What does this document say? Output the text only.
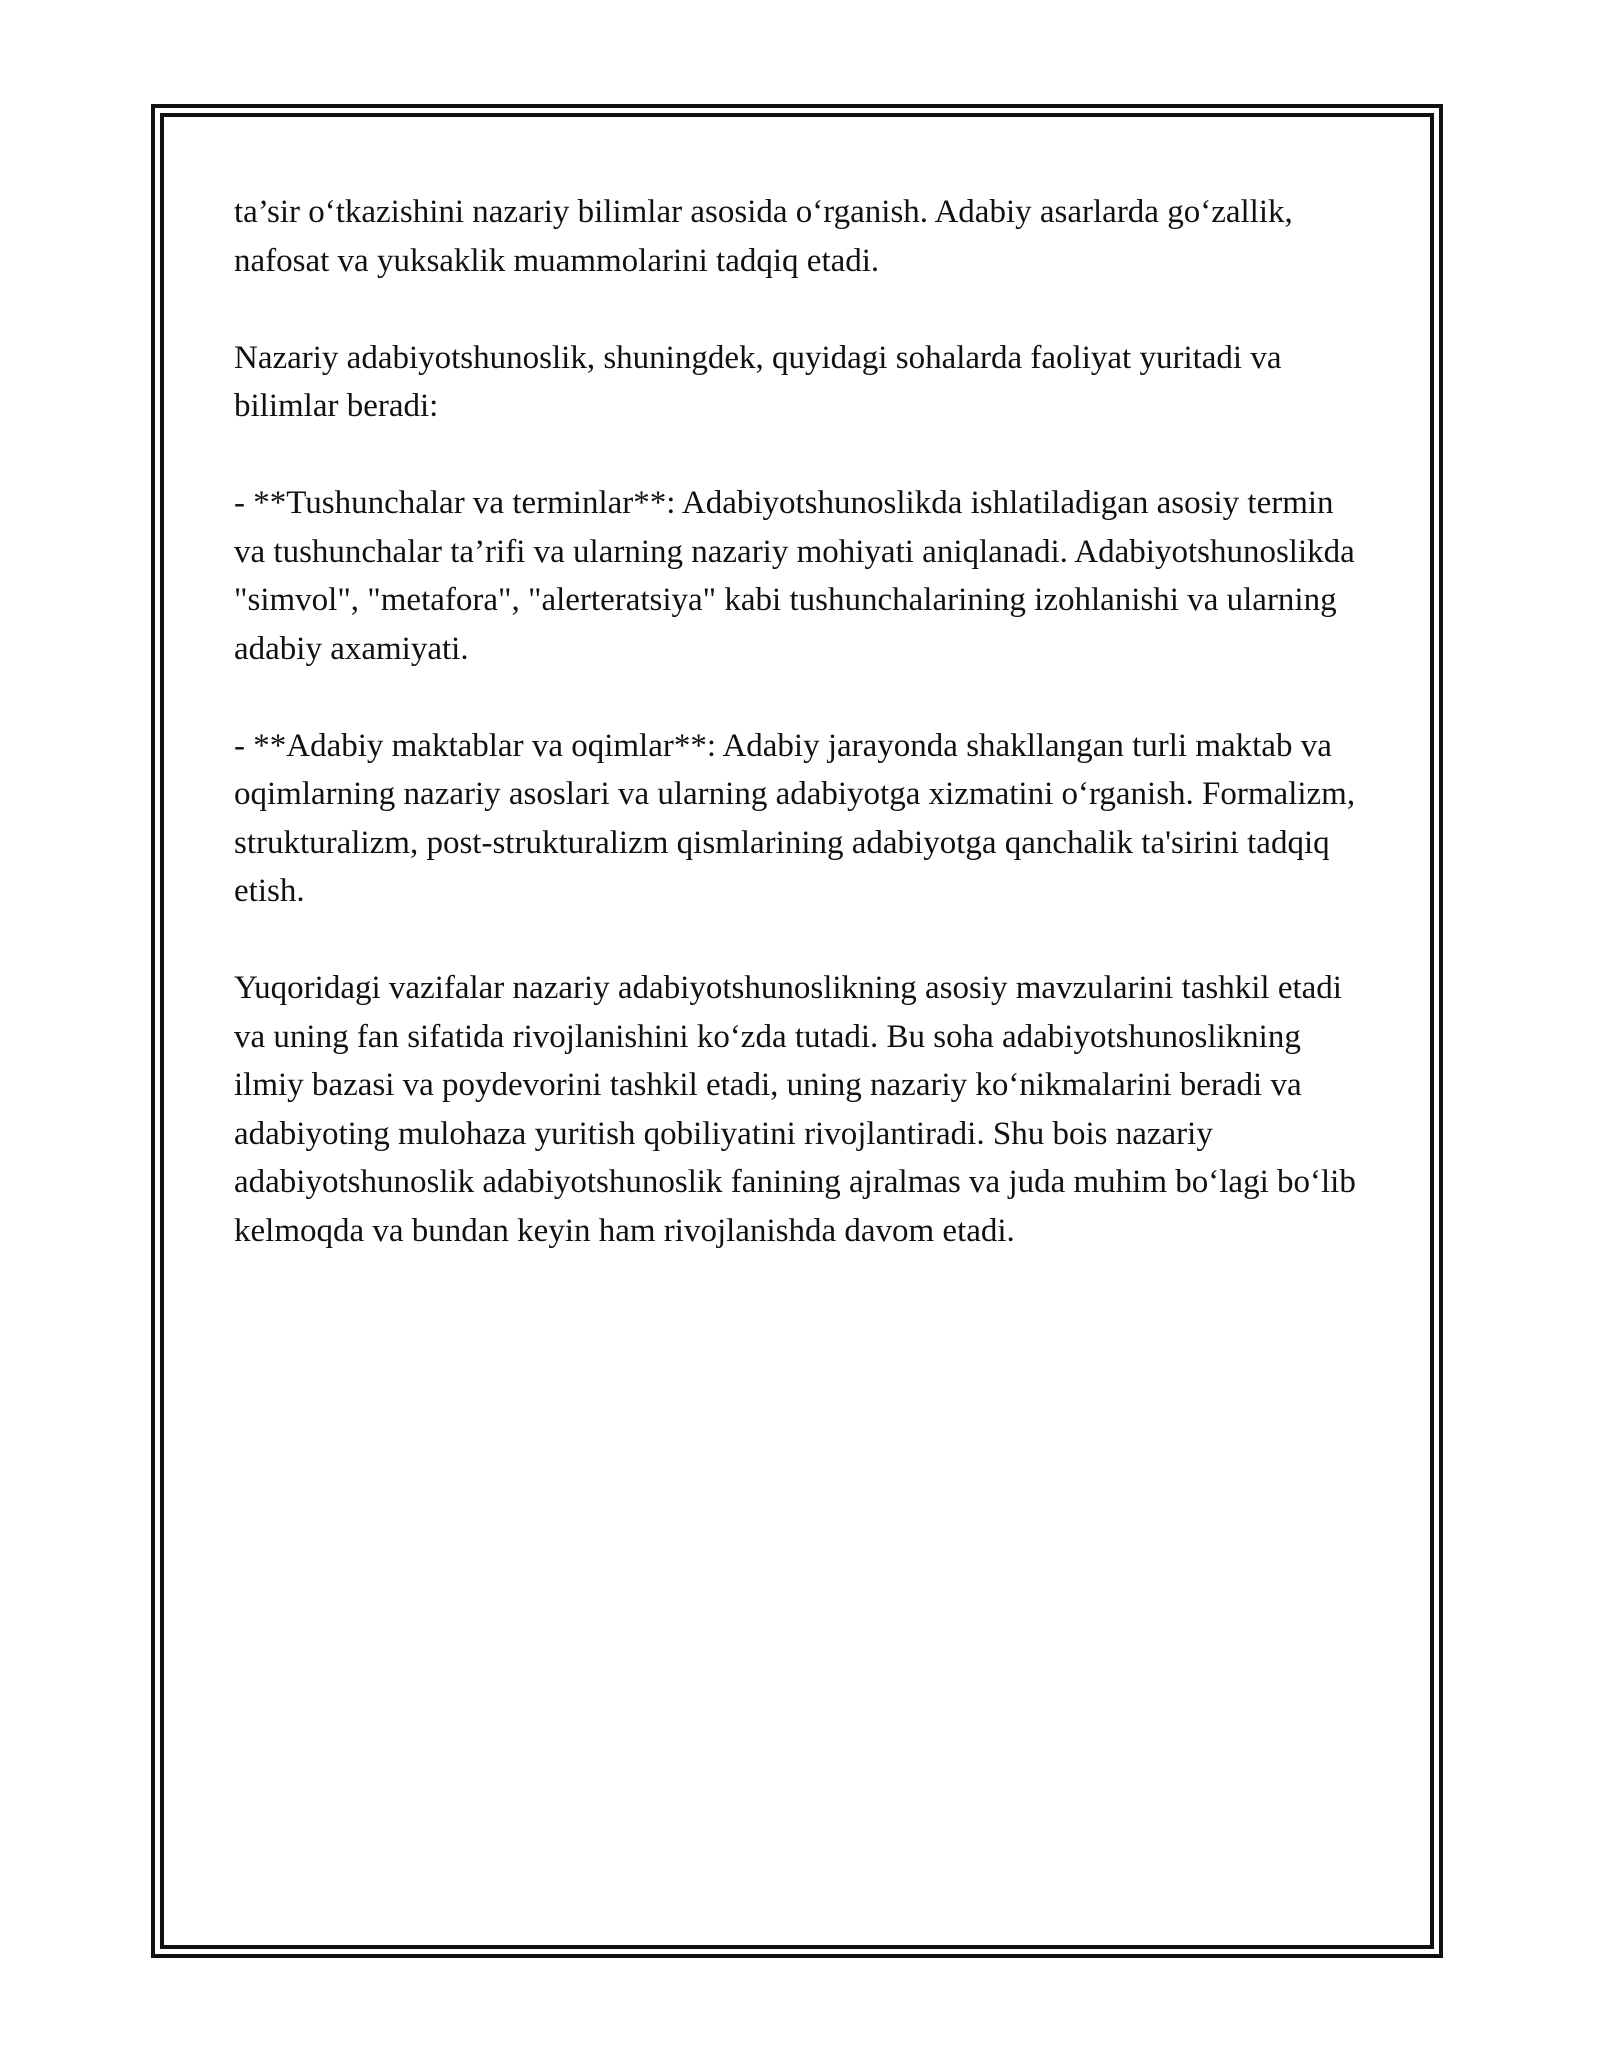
ta’sir o‘tkazishini nazariy bilimlar asosida o‘rganish. Adabiy asarlarda go‘zallik, nafosat va yuksaklik muammolarini tadqiq etadi.

Nazariy adabiyotshunoslik, shuningdek, quyidagi sohalarda faoliyat yuritadi va bilimlar beradi:

- **Tushunchalar va terminlar**: Adabiyotshunoslikda ishlatiladigan asosiy termin va tushunchalar ta’rifi va ularning nazariy mohiyati aniqlanadi. Adabiyotshunoslikda "simvol", "metafora", "alerteratsiya" kabi tushunchalarining izohlanishi va ularning adabiy axamiyati.

- **Adabiy maktablar va oqimlar**: Adabiy jarayonda shakllangan turli maktab va oqimlarning nazariy asoslari va ularning adabiyotga xizmatini o‘rganish. Formalizm, strukturalizm, post-strukturalizm qismlarining adabiyotga qanchalik ta'sirini tadqiq etish.

Yuqoridagi vazifalar nazariy adabiyotshunoslikning asosiy mavzularini tashkil etadi va uning fan sifatida rivojlanishini ko‘zda tutadi. Bu soha adabiyotshunoslikning ilmiy bazasi va poydevorini tashkil etadi, uning nazariy ko‘nikmalarini beradi va adabiyoting mulohaza yuritish qobiliyatini rivojlantiradi. Shu bois nazariy adabiyotshunoslik adabiyotshunoslik fanining ajralmas va juda muhim bo‘lagi bo‘lib kelmoqda va bundan keyin ham rivojlanishda davom etadi.
